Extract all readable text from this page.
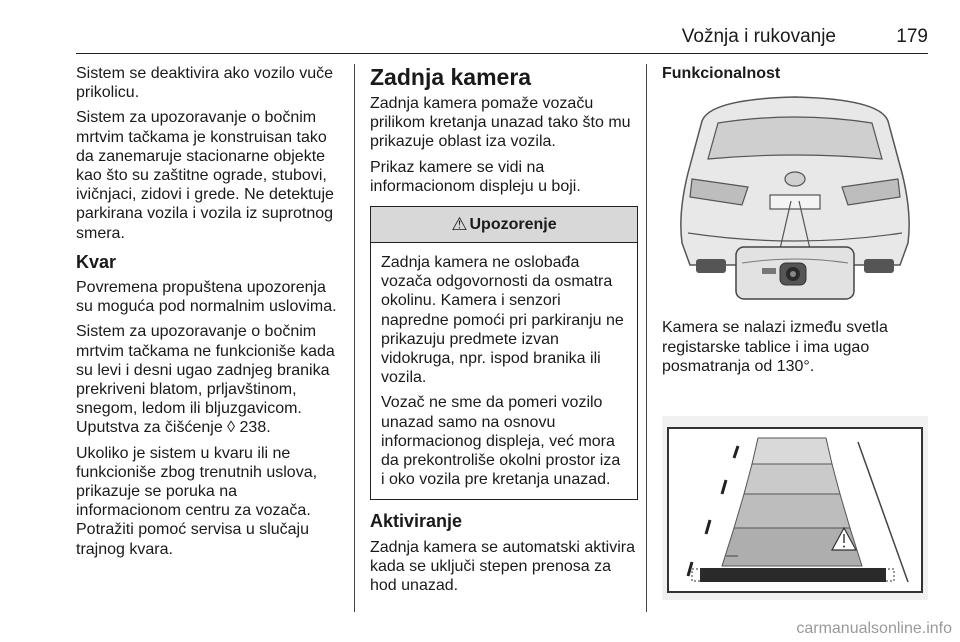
Vožnja i rukovanje	179

Sistem se deaktivira ako vozilo vuče
prikolicu.

Sistem za upozoravanje o bočnim
mrtvim tačkama je konstruisan tako
da zanemaruje stacionarne objekte
kao što su zaštitne ograde, stubovi,
ivičnjaci, zidovi i grede. Ne detektuje
parkirana vozila i vozila iz suprotnog
smera.

Kvar

Povremena propuštena upozorenja
su moguća pod normalnim uslovima.

Sistem za upozoravanje o bočnim
mrtvim tačkama ne funkcioniše kada
su levi i desni ugao zadnjeg branika
prekriveni blatom, prljavštinom,
snegom, ledom ili bljuzgavicom.
Uputstva za čišćenje ◊ 238.

Ukoliko je sistem u kvaru ili ne
funkcioniše zbog trenutnih uslova,
prikazuje se poruka na
informacionom centru za vozača.
Potražiti pomoć servisa u slučaju
trajnog kvara.

Zadnja kamera

Zadnja kamera pomaže vozaču
prilikom kretanja unazad tako što mu
prikazuje oblast iza vozila.

Prikaz kamere se vidi na
informacionom displeju u boji.

⚠ Upozorenje

Zadnja kamera ne oslobađa
vozača odgovornosti da osmatra
okolinu. Kamera i senzori
napredne pomoći pri parkiranju ne
prikazuju predmete izvan
vidokruga, npr. ispod branika ili
vozila.

Vozač ne sme da pomeri vozilo
unazad samo na osnovu
informacionog displeja, već mora
da prekontroliše okolni prostor iza
i oko vozila pre kretanja unazad.

Aktiviranje

Zadnja kamera se automatski aktivira
kada se uključi stepen prenosa za
hod unazad.

Funkcionalnost

Kamera se nalazi između svetla
registarske tablice i ima ugao
posmatranja od 130°.

carmanualsonline.info
